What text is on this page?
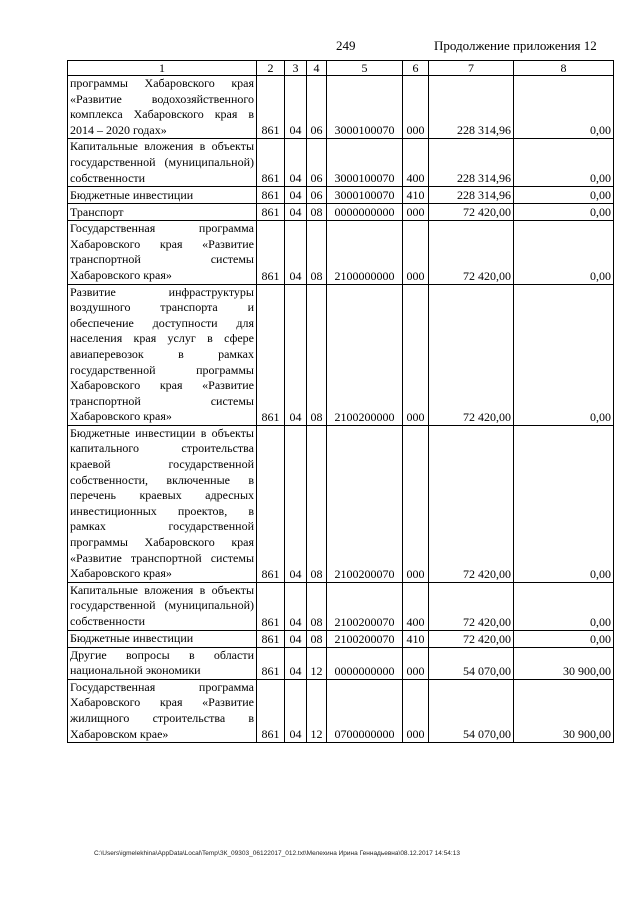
249	Продолжение приложения 12
1	2	3	4	5	6	7	8
программы Хабаровского края «Развитие водохозяйственного комплекса Хабаровского края в 2014 – 2020 годах»	861	04	06	3000100070	000	228 314,96	0,00
Капитальные вложения в объекты государственной (муниципальной) собственности	861	04	06	3000100070	400	228 314,96	0,00
Бюджетные инвестиции	861	04	06	3000100070	410	228 314,96	0,00
Транспорт	861	04	08	0000000000	000	72 420,00	0,00
Государственная программа Хабаровского края «Развитие транспортной системы Хабаровского края»	861	04	08	2100000000	000	72 420,00	0,00
Развитие инфраструктуры воздушного транспорта и обеспечение доступности для населения края услуг в сфере авиаперевозок в рамках государственной программы Хабаровского края «Развитие транспортной системы Хабаровского края»	861	04	08	2100200000	000	72 420,00	0,00
Бюджетные инвестиции в объекты капитального строительства краевой государственной собственности, включенные в перечень краевых адресных инвестиционных проектов, в рамках государственной программы Хабаровского края «Развитие транспортной системы Хабаровского края»	861	04	08	2100200070	000	72 420,00	0,00
Капитальные вложения в объекты государственной (муниципальной) собственности	861	04	08	2100200070	400	72 420,00	0,00
Бюджетные инвестиции	861	04	08	2100200070	410	72 420,00	0,00
Другие вопросы в области национальной экономики	861	04	12	0000000000	000	54 070,00	30 900,00
Государственная программа Хабаровского края «Развитие жилищного строительства в Хабаровском крае»	861	04	12	0700000000	000	54 070,00	30 900,00
C:\Users\igmelekhina\AppData\Local\Temp\ЗК_09303_06122017_012.txt\Мелехина Ирина Геннадьевна\08.12.2017 14:54:13
